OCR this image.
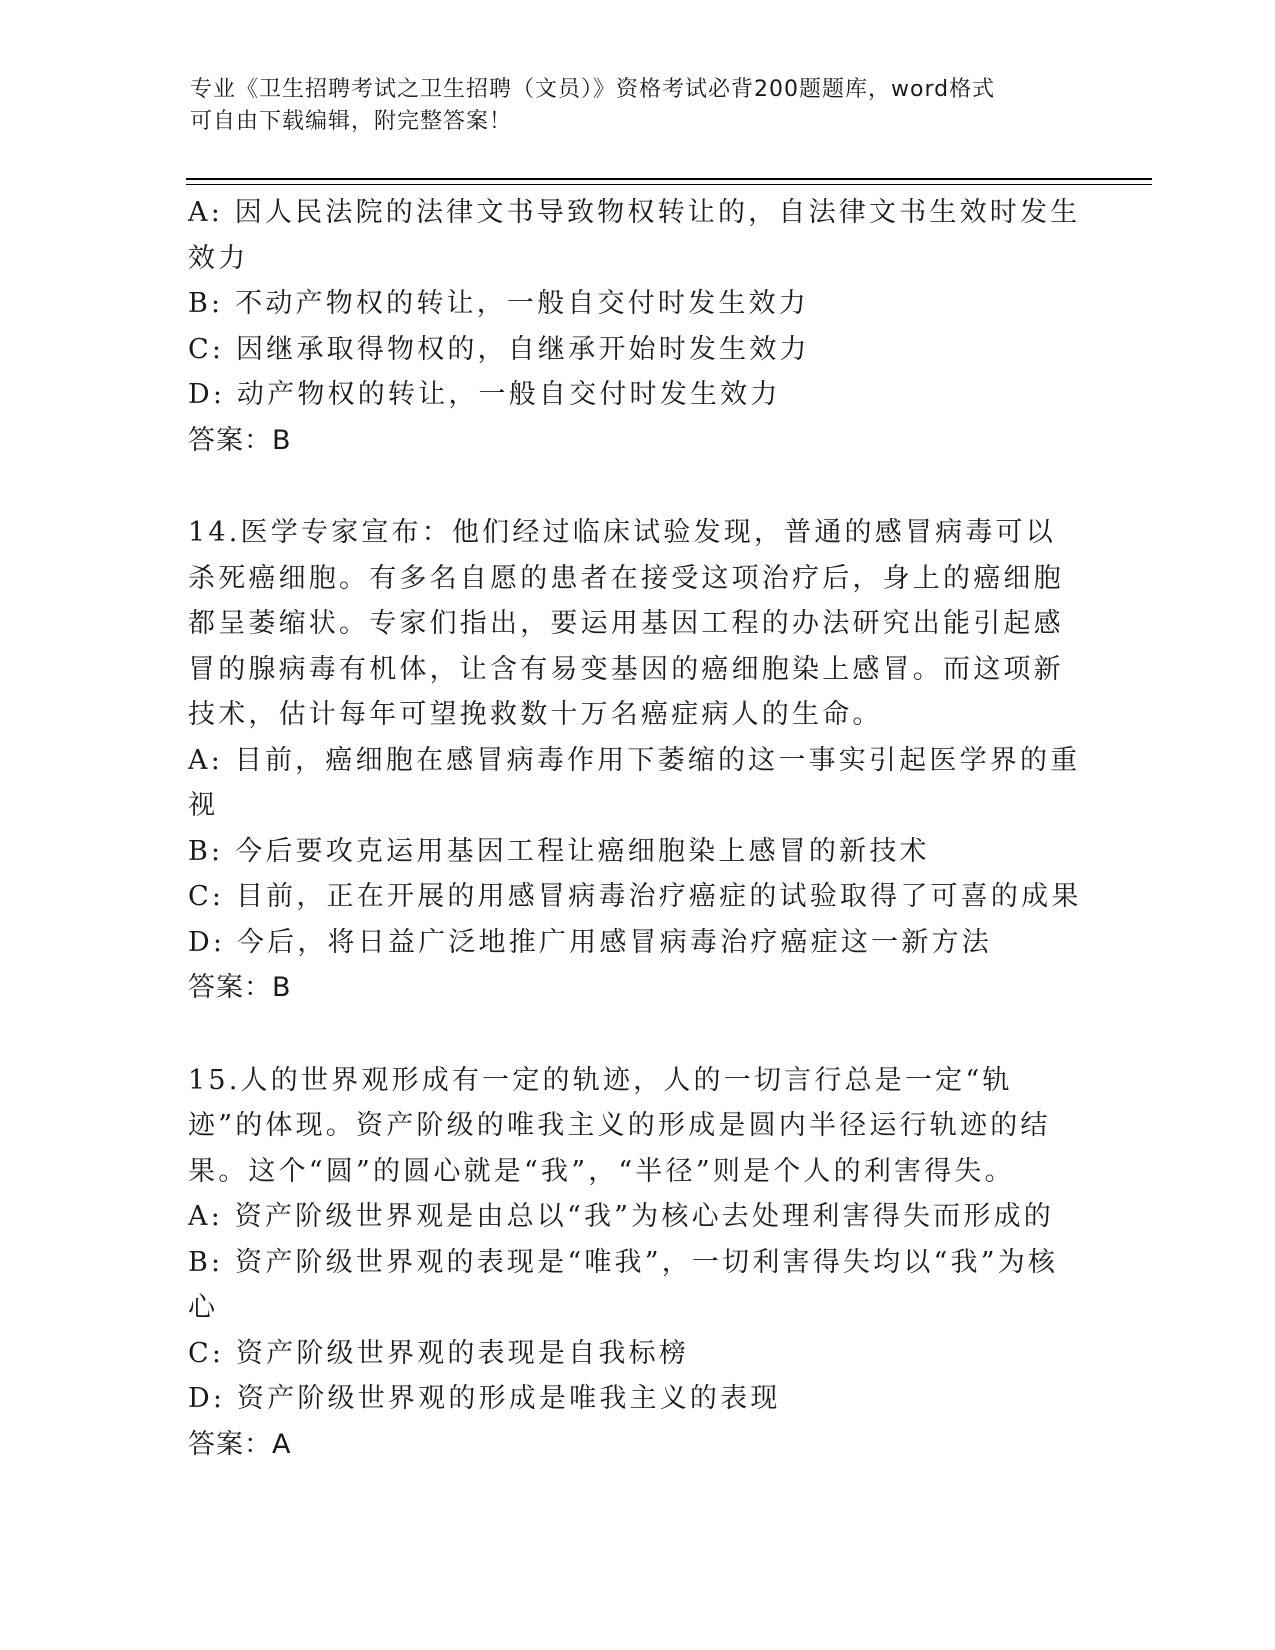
专业《卫生招聘考试之卫生招聘（文员）》资格考试必背200题题库，word格式
可自由下载编辑，附完整答案！
A: 因人民法院的法律文书导致物权转让的，自法律文书生效时发生效力
B: 不动产物权的转让，一般自交付时发生效力
C: 因继承取得物权的，自继承开始时发生效力
D: 动产物权的转让，一般自交付时发生效力
答案：B
14.医学专家宣布：他们经过临床试验发现，普通的感冒病毒可以杀死癌细胞。有多名自愿的患者在接受这项治疗后，身上的癌细胞都呈萎缩状。专家们指出，要运用基因工程的办法研究出能引起感冒的腺病毒有机体，让含有易变基因的癌细胞染上感冒。而这项新技术，估计每年可望挽救数十万名癌症病人的生命。
A: 目前，癌细胞在感冒病毒作用下萎缩的这一事实引起医学界的重视
B: 今后要攻克运用基因工程让癌细胞染上感冒的新技术
C: 目前，正在开展的用感冒病毒治疗癌症的试验取得了可喜的成果
D: 今后，将日益广泛地推广用感冒病毒治疗癌症这一新方法
答案：B
15.人的世界观形成有一定的轨迹，人的一切言行总是一定“轨迹”的体现。资产阶级的唯我主义的形成是圆内半径运行轨迹的结果。这个“圆”的圆心就是“我”，“半径”则是个人的利害得失。
A: 资产阶级世界观是由总以“我”为核心去处理利害得失而形成的
B: 资产阶级世界观的表现是“唯我”，一切利害得失均以“我”为核心
C: 资产阶级世界观的表现是自我标榜
D: 资产阶级世界观的形成是唯我主义的表现
答案：A
